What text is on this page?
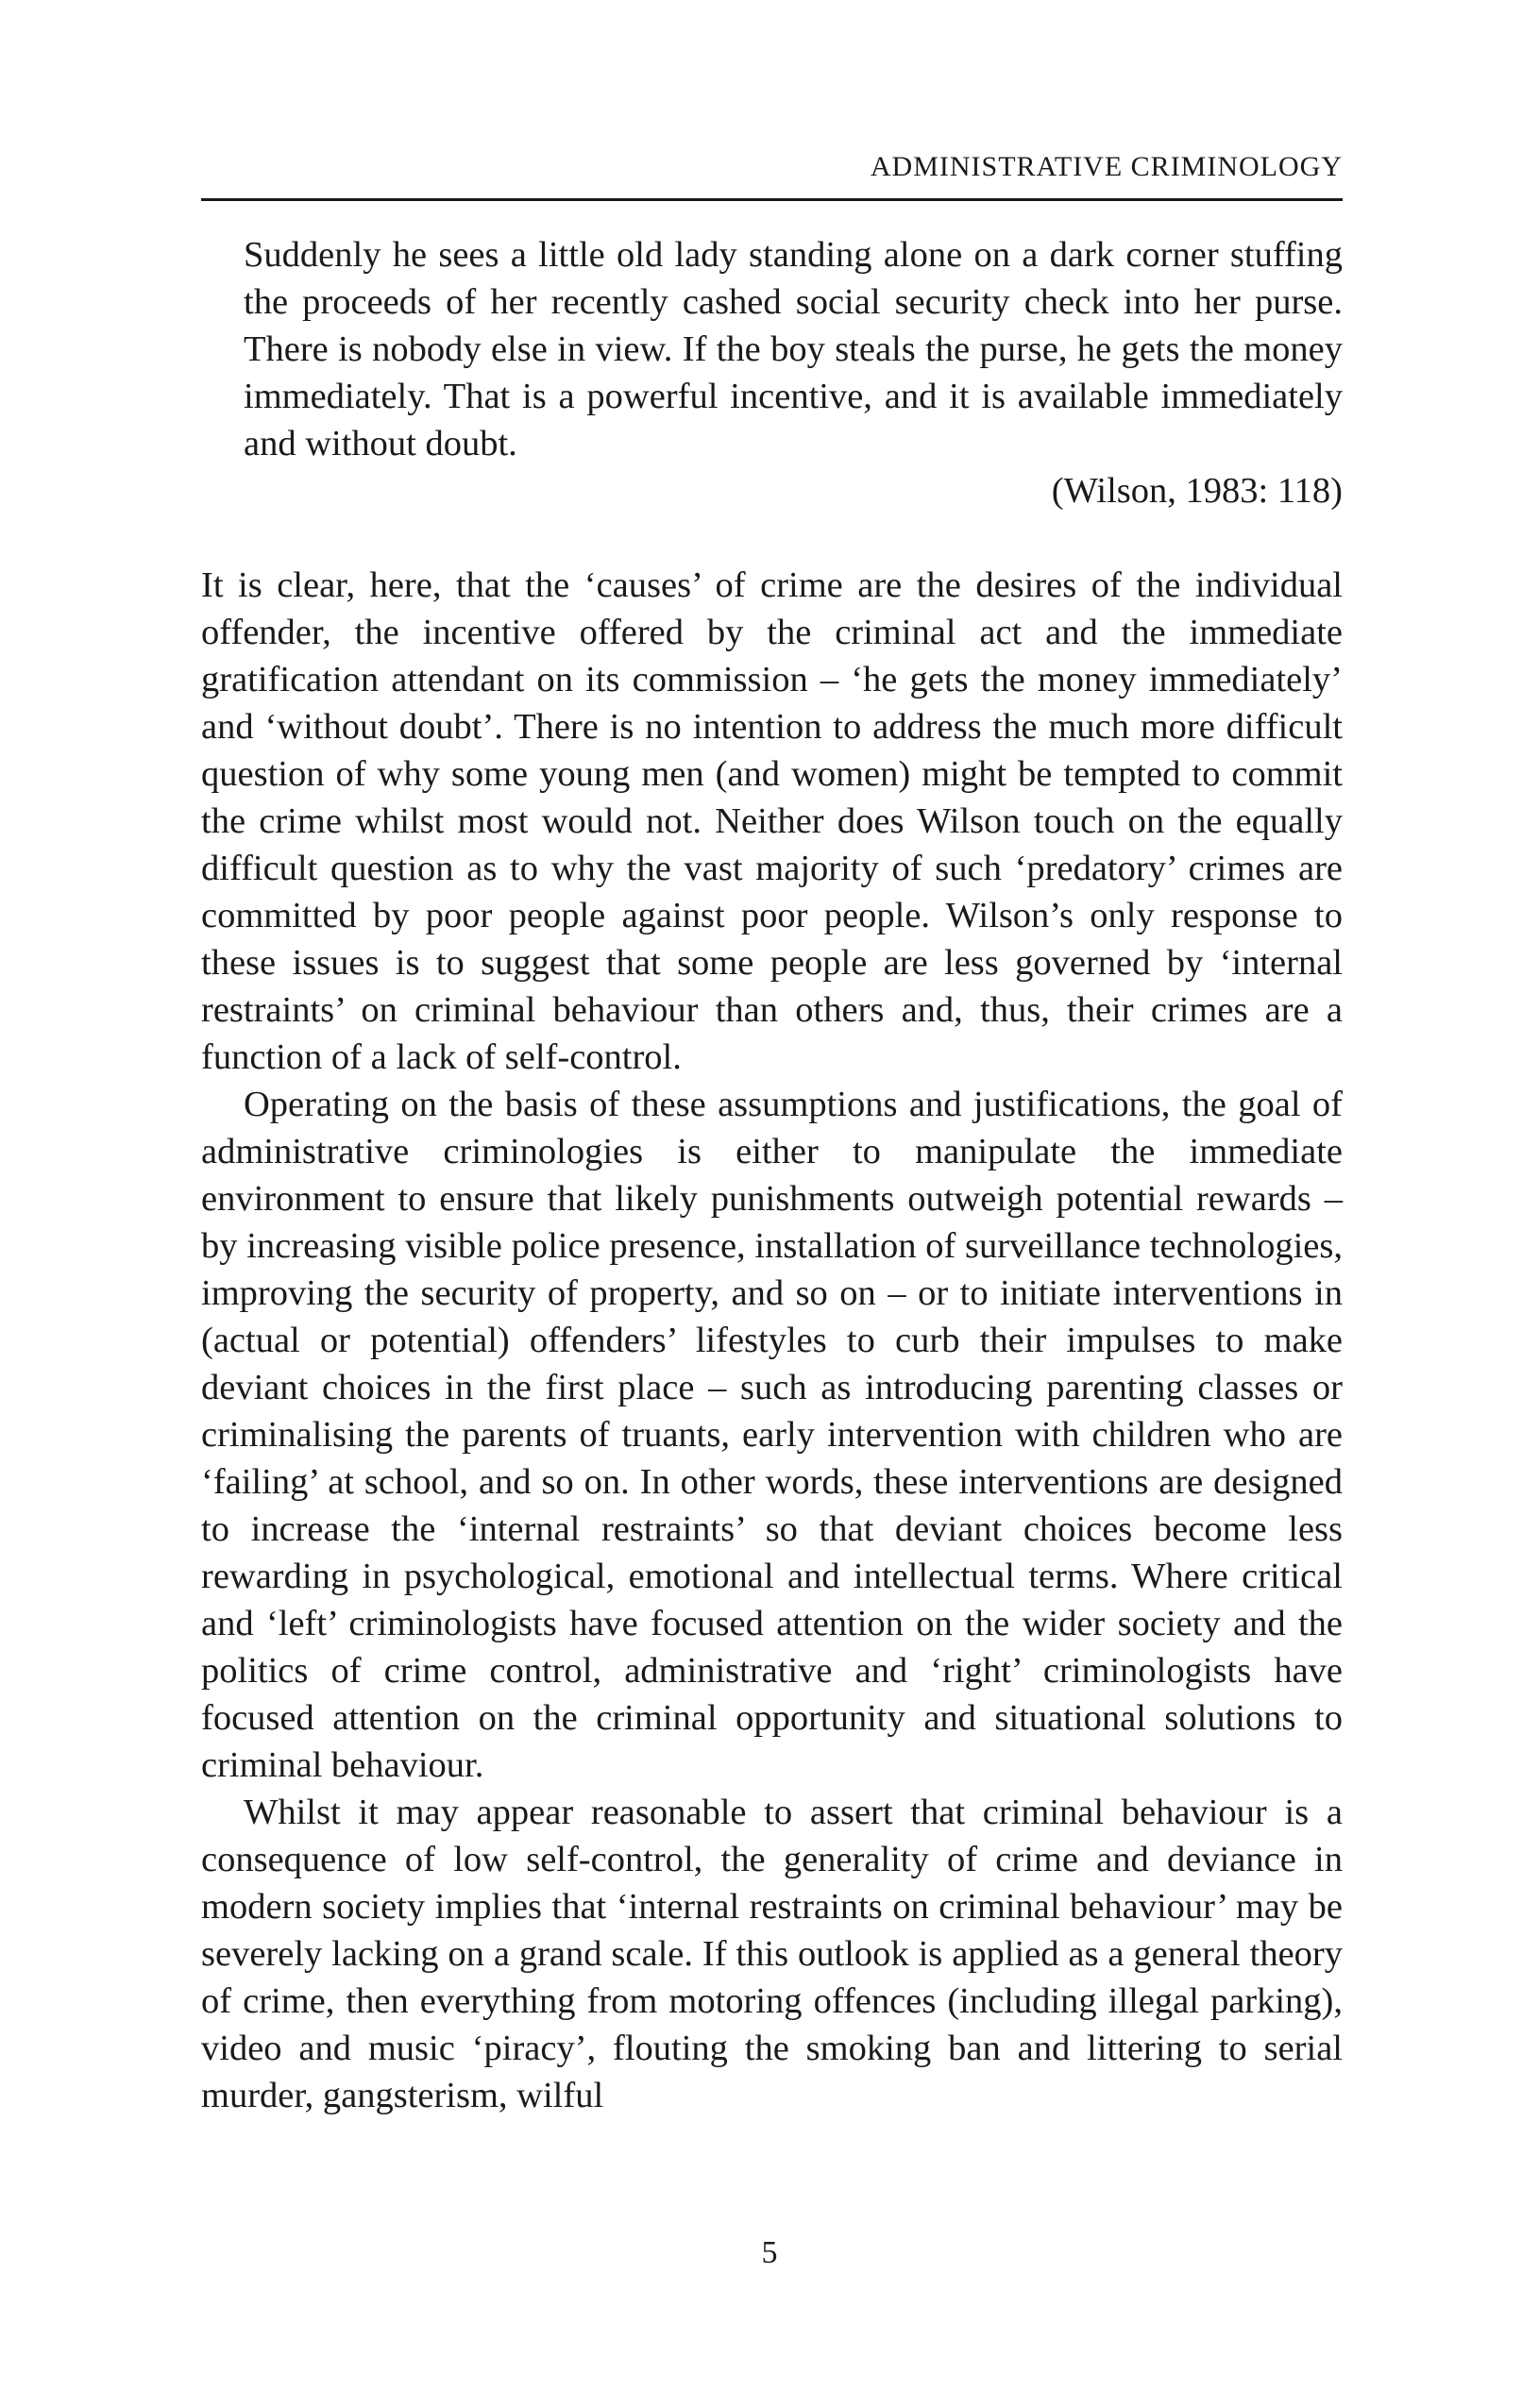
ADMINISTRATIVE CRIMINOLOGY

Suddenly he sees a little old lady standing alone on a dark corner stuffing the proceeds of her recently cashed social security check into her purse. There is nobody else in view. If the boy steals the purse, he gets the money immediately. That is a powerful incentive, and it is available immediately and without doubt.

(Wilson, 1983: 118)

It is clear, here, that the ‘causes’ of crime are the desires of the individual offender, the incentive offered by the criminal act and the immediate gratification attendant on its commission – ‘he gets the money immediately’ and ‘without doubt’. There is no intention to address the much more difficult question of why some young men (and women) might be tempted to commit the crime whilst most would not. Neither does Wilson touch on the equally difficult question as to why the vast majority of such ‘predatory’ crimes are committed by poor people against poor people. Wilson’s only response to these issues is to suggest that some people are less governed by ‘internal restraints’ on criminal behaviour than others and, thus, their crimes are a function of a lack of self-control.

Operating on the basis of these assumptions and justifications, the goal of administrative criminologies is either to manipulate the immediate environment to ensure that likely punishments outweigh potential rewards – by increasing visible police presence, installation of surveillance technologies, improving the security of property, and so on – or to initiate interventions in (actual or potential) offenders’ lifestyles to curb their impulses to make deviant choices in the first place – such as introducing parenting classes or criminalising the parents of truants, early intervention with children who are ‘failing’ at school, and so on. In other words, these interventions are designed to increase the ‘internal restraints’ so that deviant choices become less rewarding in psychological, emotional and intellectual terms. Where critical and ‘left’ criminologists have focused attention on the wider society and the politics of crime control, administrative and ‘right’ criminologists have focused attention on the criminal opportunity and situational solutions to criminal behaviour.

Whilst it may appear reasonable to assert that criminal behaviour is a consequence of low self-control, the generality of crime and deviance in modern society implies that ‘internal restraints on criminal behaviour’ may be severely lacking on a grand scale. If this outlook is applied as a general theory of crime, then everything from motoring offences (including illegal parking), video and music ‘piracy’, flouting the smoking ban and littering to serial murder, gangsterism, wilful

5
